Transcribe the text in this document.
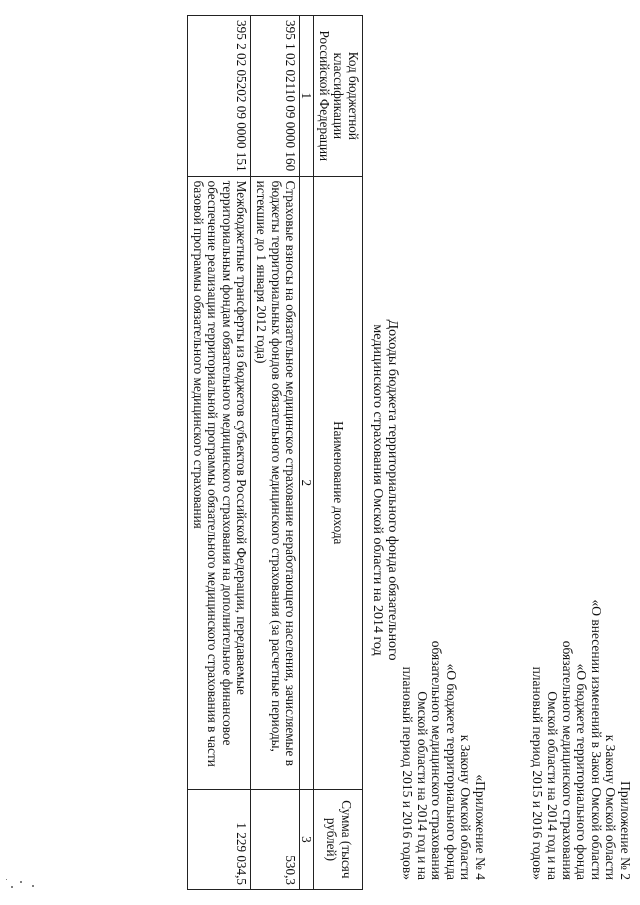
Приложение № 2
к Закону Омской области
«О внесении изменений в Закон Омской области
«О бюджете территориального фонда
обязательного медицинского страхования
Омской области на 2014 год и на
плановый период 2015 и 2016 годов»
«Приложение № 4
к Закону Омской области
«О бюджете территориального фонда
обязательного медицинского страхования
Омской области на 2014 год и на
плановый период 2015 и 2016 годов»
Доходы бюджета территориального фонда обязательного
медицинского страхования Омской области на 2014 год
Код бюджетной классификации Российской Федерации	Наименование дохода	Сумма (тысяч рублей)
1	2	3
395 1 02 02110 09 0000 160	Страховые взносы на обязательное медицинское страхование неработающего населения, зачисляемые в бюджеты территориальных фондов обязательного медицинского страхования (за расчетные периоды, истекшие до 1 января 2012 года)	530,3
395 2 02 05202 09 0000 151	Межбюджетные трансферты из бюджетов субъектов Российской Федерации, передаваемые территориальным фондам обязательного медицинского страхования на дополнительное финансовое обеспечение реализации территориальной программы обязательного медицинского страхования в части базовой программы обязательного медицинского страхования	1 229 034,5
